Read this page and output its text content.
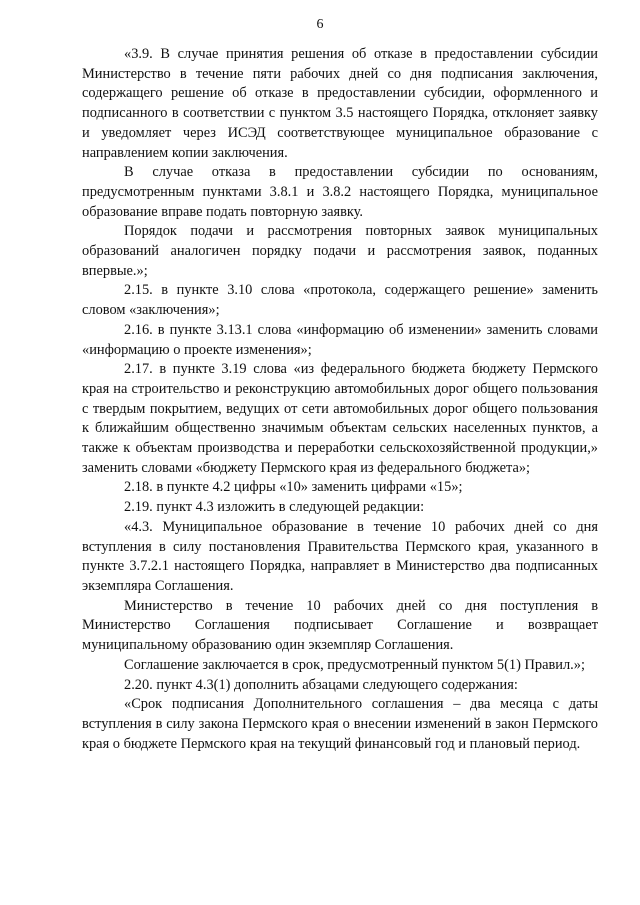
6

«3.9. В случае принятия решения об отказе в предоставлении субсидии Министерство в течение пяти рабочих дней со дня подписания заключения, содержащего решение об отказе в предоставлении субсидии, оформленного и подписанного в соответствии с пунктом 3.5 настоящего Порядка, отклоняет заявку и уведомляет через ИСЭД соответствующее муниципальное образование с направлением копии заключения.

В случае отказа в предоставлении субсидии по основаниям, предусмотренным пунктами 3.8.1 и 3.8.2 настоящего Порядка, муниципальное образование вправе подать повторную заявку.

Порядок подачи и рассмотрения повторных заявок муниципальных образований аналогичен порядку подачи и рассмотрения заявок, поданных впервые.»;

2.15. в пункте 3.10 слова «протокола, содержащего решение» заменить словом «заключения»;

2.16. в пункте 3.13.1 слова «информацию об изменении» заменить словами «информацию о проекте изменения»;

2.17. в пункте 3.19 слова «из федерального бюджета бюджету Пермского края на строительство и реконструкцию автомобильных дорог общего пользования с твердым покрытием, ведущих от сети автомобильных дорог общего пользования к ближайшим общественно значимым объектам сельских населенных пунктов, а также к объектам производства и переработки сельскохозяйственной продукции,» заменить словами «бюджету Пермского края из федерального бюджета»;

2.18. в пункте 4.2 цифры «10» заменить цифрами «15»;

2.19. пункт 4.3 изложить в следующей редакции:

«4.3. Муниципальное образование в течение 10 рабочих дней со дня вступления в силу постановления Правительства Пермского края, указанного в пункте 3.7.2.1 настоящего Порядка, направляет в Министерство два подписанных экземпляра Соглашения.

Министерство в течение 10 рабочих дней со дня поступления в Министерство Соглашения подписывает Соглашение и возвращает муниципальному образованию один экземпляр Соглашения.

Соглашение заключается в срок, предусмотренный пунктом 5(1) Правил.»;

2.20. пункт 4.3(1) дополнить абзацами следующего содержания:

«Срок подписания Дополнительного соглашения – два месяца с даты вступления в силу закона Пермского края о внесении изменений в закон Пермского края о бюджете Пермского края на текущий финансовый год и плановый период.
